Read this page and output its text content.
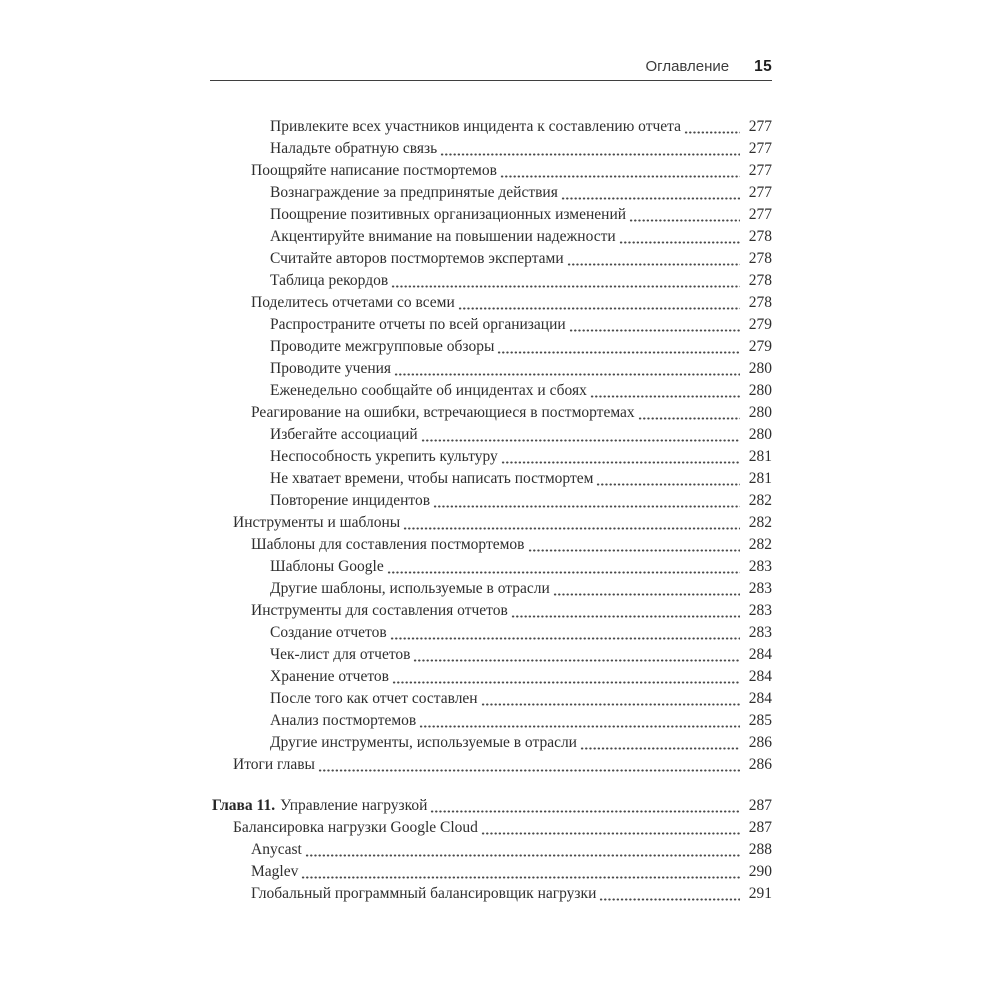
Оглавление 15
Привлеките всех участников инцидента к составлению отчета	277
Наладьте обратную связь	277
Поощряйте написание постмортемов	277
Вознаграждение за предпринятые действия	277
Поощрение позитивных организационных изменений	277
Акцентируйте внимание на повышении надежности	278
Считайте авторов постмортемов экспертами	278
Таблица рекордов	278
Поделитесь отчетами со всеми	278
Распространите отчеты по всей организации	279
Проводите межгрупповые обзоры	279
Проводите учения	280
Еженедельно сообщайте об инцидентах и сбоях	280
Реагирование на ошибки, встречающиеся в постмортемах	280
Избегайте ассоциаций	280
Неспособность укрепить культуру	281
Не хватает времени, чтобы написать постмортем	281
Повторение инцидентов	282
Инструменты и шаблоны	282
Шаблоны для составления постмортемов	282
Шаблоны Google	283
Другие шаблоны, используемые в отрасли	283
Инструменты для составления отчетов	283
Создание отчетов	283
Чек-лист для отчетов	284
Хранение отчетов	284
После того как отчет составлен	284
Анализ постмортемов	285
Другие инструменты, используемые в отрасли	286
Итоги главы	286
Глава 11. Управление нагрузкой	287
Балансировка нагрузки Google Cloud	287
Anycast	288
Maglev	290
Глобальный программный балансировщик нагрузки	291
